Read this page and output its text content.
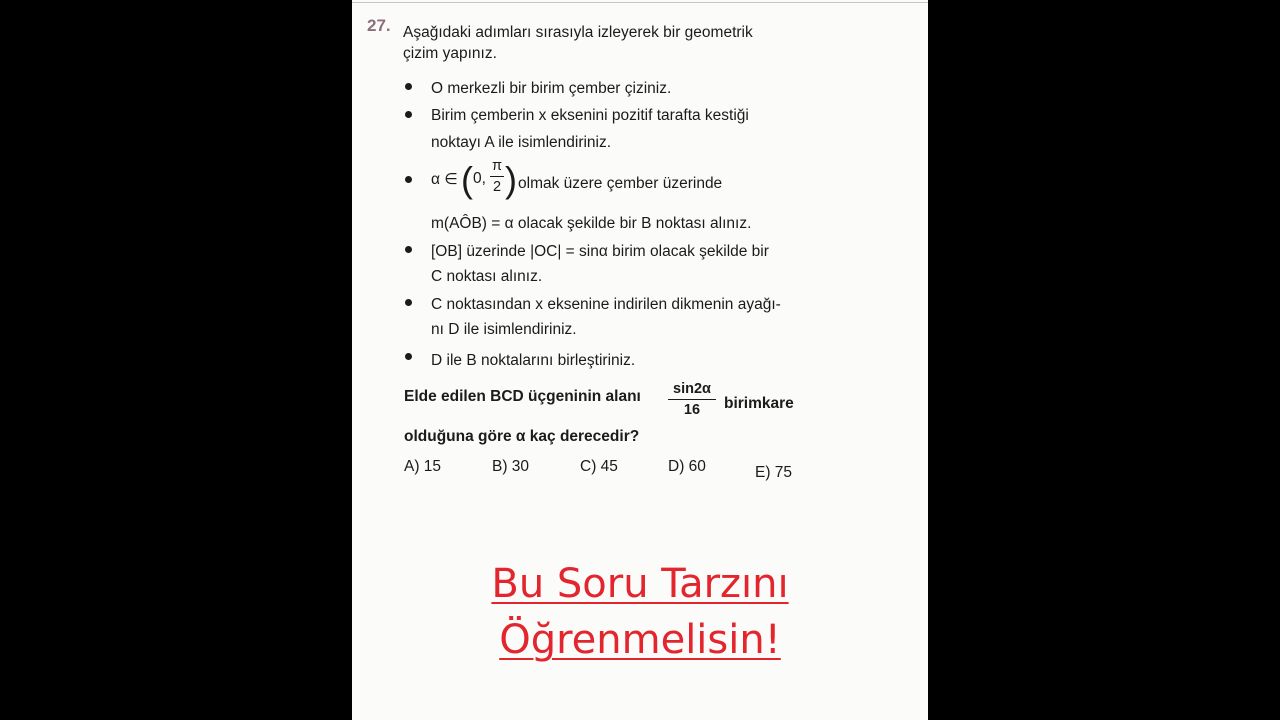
27. Aşağıdaki adımları sırasıyla izleyerek bir geometrik
çizim yapınız.
O merkezli bir birim çember çiziniz.
Birim çemberin x eksenini pozitif tarafta kestiği
noktayı A ile isimlendiriniz.
α ∈ ( 0,
π
2 ) olmak üzere çember üzerinde
m(AÔB) = α olacak şekilde bir B noktası alınız.
[OB] üzerinde |OC| = sinα birim olacak şekilde bir
C noktası alınız.
C noktasından x eksenine indirilen dikmenin ayağı-
nı D ile isimlendiriniz.
D ile B noktalarını birleştiriniz.
Elde edilen BCD üçgeninin alanı	sin2α
16	birimkare
olduğuna göre α kaç derecedir?
A) 15	B) 30	C) 45	D) 60	E) 75
Bu Soru Tarzını
Öğrenmelisin!
